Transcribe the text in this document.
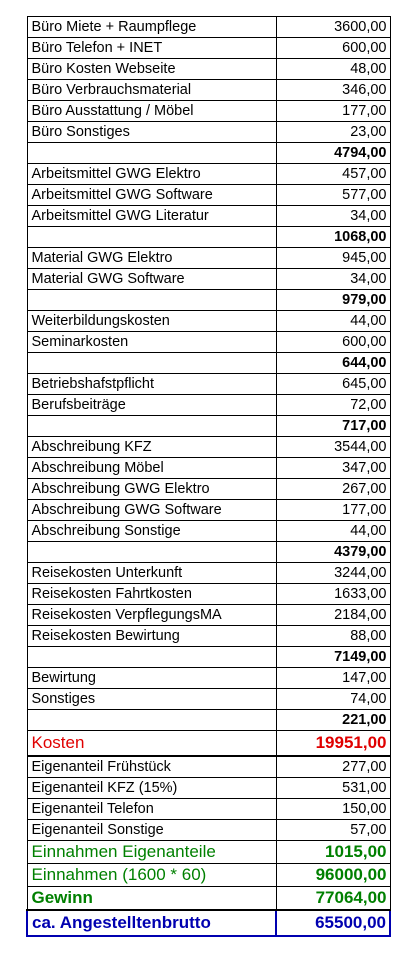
Büro Miete + Raumpflege	3600,00
Büro Telefon + INET	600,00
Büro Kosten Webseite	48,00
Büro Verbrauchsmaterial	346,00
Büro Ausstattung / Möbel	177,00
Büro Sonstiges	23,00
	4794,00
Arbeitsmittel GWG Elektro	457,00
Arbeitsmittel GWG Software	577,00
Arbeitsmittel GWG Literatur	34,00
	1068,00
Material GWG Elektro	945,00
Material GWG Software	34,00
	979,00
Weiterbildungskosten	44,00
Seminarkosten	600,00
	644,00
Betriebshafstpflicht	645,00
Berufsbeiträge	72,00
	717,00
Abschreibung KFZ	3544,00
Abschreibung Möbel	347,00
Abschreibung GWG Elektro	267,00
Abschreibung GWG Software	177,00
Abschreibung Sonstige	44,00
	4379,00
Reisekosten Unterkunft	3244,00
Reisekosten Fahrtkosten	1633,00
Reisekosten VerpflegungsMA	2184,00
Reisekosten Bewirtung	88,00
	7149,00
Bewirtung	147,00
Sonstiges	74,00
	221,00
Kosten	19951,00
Eigenanteil Frühstück	277,00
Eigenanteil KFZ (15%)	531,00
Eigenanteil Telefon	150,00
Eigenanteil Sonstige	57,00
Einnahmen Eigenanteile	1015,00
Einnahmen (1600 * 60)	96000,00
Gewinn	77064,00
ca. Angestelltenbrutto	65500,00
